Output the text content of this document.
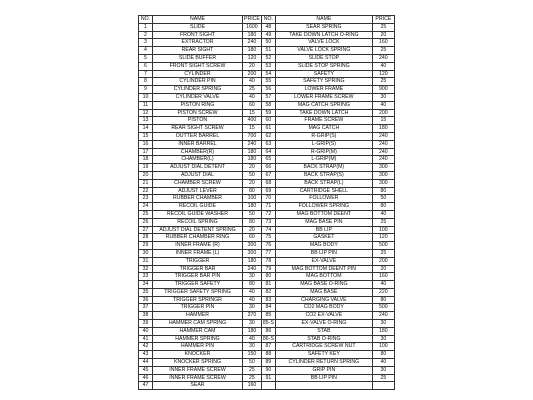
NO.	NAME	PRICE	NO.	NAME	PRICE
1	SLIDE	1600	48	SEAR SPRING	25
2	FRONT SIGHT	180	49	TAKE DOWN LATCH O-RING	20
3	EXTRACTOR	240	50	VALVE LOCK	160
4	REAR SIGHT	180	51	VALVE LOCK SPRING	25
5	SLIDE BUFFER	120	52	SLIDE STOP	240
6	FRONT SIGHT SCREW	20	53	SLIDE STOP SPRING	40
7	CYLINDER	200	54	SAFETY	120
8	CYLINDER PIN	40	55	SAFETY SPRING	25
9	CYLINDER SPRING	25	56	LOWER FRAME	900
10	CYLINDER VALVE	40	57	LOWER FRAME SCREW	30
11	PISTON RING	60	58	MAG CATCH SPRING	40
12	PISTON SCREW	15	59	TAKE DOWN LATCH	200
13	PISTON	400	60	FRAME SCREW	15
14	REAR SIGHT SCREW	15	61	MAG CATCH	180
15	OUTTER BARREL	700	62	R-GRIP(S)	240
16	INNER BARREL	240	63	L-GRIP(S)	240
17	CHAMBER(R)	180	64	R-GRIP(M)	240
18	CHAMBER(L)	180	65	L-GRIP(M)	240
19	ADJUST DIAL DETENT	20	66	BACK STRAP(M)	300
20	ADJUST DIAL	50	67	BACK STRAP(S)	300
21	CHAMBER SCREW	20	68	BACK STRAP(L)	300
22	ADJUST LEVER	80	69	CARTRIDGE SHELL	80
23	RUBBER CHAMBER	100	70	FOLLOWER	50
24	RECOIL GUIDE	180	71	FOLLOWER SPRING	80
25	RECOIL GUIDE WASHER	50	72	MAG BOTTOM DEENT	40
26	RECOIL SPRING	80	73	MAG BASE PIN	25
27	ADJUST DIAL DETENT SPRING	20	74	BB LIP	100
28	RUBBER CHAMBER RING	60	75	GASKET	120
29	INNER FRAME (R)	300	76	MAG BODY	500
30	INNER FRAME (L)	300	77	BB LIP PIN	25
31	TRIGGER	180	78	EX-VALVE	200
32	TRIGGER BAR	240	79	MAG BOTTOM DEENT PIN	20
33	TRIGGER BAR PIN	30	80	MAG BOTTOM	160
34	TRIGGER SAFETY	80	81	MAG BASE O-RING	40
35	TRIGGER SAFETY SPRING	40	82	MAG BASE	220
36	TRIGGER SPRINGR	40	83	CHARGING VALVE	80
37	TRIGGER PIN	30	84	CO2 MAG BODY	500
38	HAMMER	370	85	CO2 EX-VALVE	240
39	HAMMER CAM SPRING	30	85-S	EX-VALVE O-RING	30
40	HAMMER CAM	180	86	STAB	180
41	HAMMER SPRING	40	86-S	STAB O-RING	30
42	HAMMER PIN	30	87	CARTRIDGE SCREW NUT	100
43	KNOCKER	150	88	SAFETY KEY	80
44	KNOCKER SPRING	50	89	CYLINDER RETURN SPRING	40
45	INNER FRAME SCREW	25	90	GRIP PIN	30
46	INNER FRAME SCREW	25	91	BB LIP PIN	25
47	SEAR	160			
